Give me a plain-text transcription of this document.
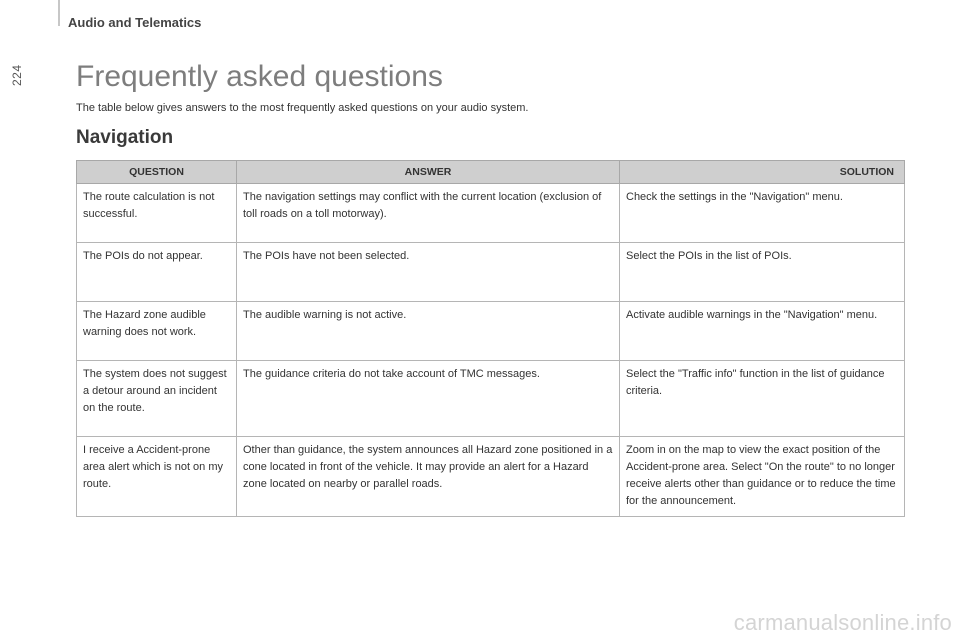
224
Audio and Telematics
Frequently asked questions

The table below gives answers to the most frequently asked questions on your audio system.

Navigation
QUESTION	ANSWER	SOLUTION
The route calculation is not successful.	The navigation settings may conflict with the current location (exclusion of toll roads on a toll motorway).	Check the settings in the "Navigation" menu.
The POIs do not appear.	The POIs have not been selected.	Select the POIs in the list of POIs.
The Hazard zone audible warning does not work.	The audible warning is not active.	Activate audible warnings in the "Navigation" menu.
The system does not suggest a detour around an incident on the route.	The guidance criteria do not take account of TMC messages.	Select the "Traffic info" function in the list of guidance criteria.
I receive a Accident-prone area alert which is not on my route.	Other than guidance, the system announces all Hazard zone positioned in a cone located in front of the vehicle. It may provide an alert for a Hazard zone located on nearby or parallel roads.	Zoom in on the map to view the exact position of the Accident-prone area. Select "On the route" to no longer receive alerts other than guidance or to reduce the time for the announcement.
carmanualsonline.info
